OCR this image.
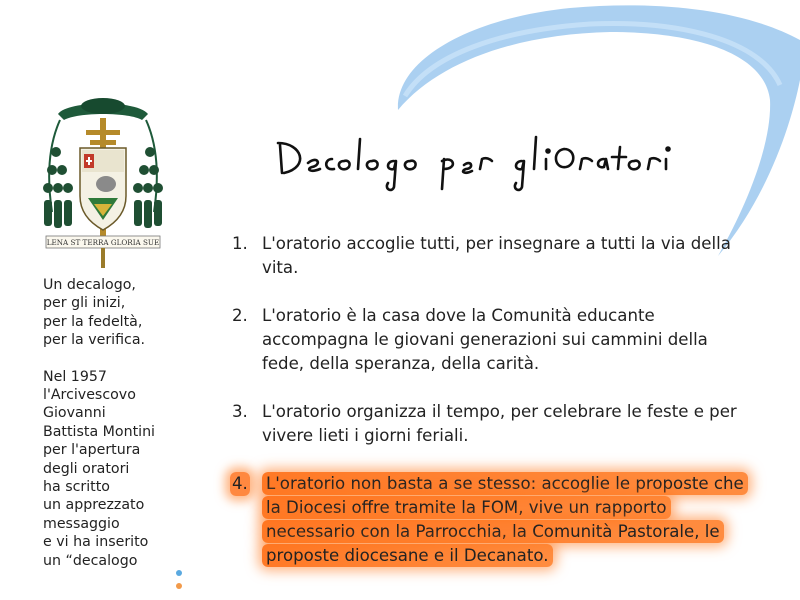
LENA ST TERRA GLORIA SUE
Un decalogo,
per gli inizi,
per la fedeltà,
per la verifica.
Nel 1957
l'Arcivescovo
Giovanni
Battista Montini
per l'apertura
degli oratori
ha scritto
un apprezzato
messaggio
e vi ha inserito
un “decalogo
1. L'oratorio accoglie tutti, per insegnare a tutti la via della vita.
2. L'oratorio è la casa dove la Comunità educante accompagna le giovani generazioni sui cammini della fede, della speranza, della carità.
3. L'oratorio organizza il tempo, per celebrare le feste e per vivere lieti i giorni feriali.
4. L'oratorio non basta a se stesso: accoglie le proposte che la Diocesi offre tramite la FOM, vive un rapporto necessario con la Parrocchia, la Comunità Pastorale, le proposte diocesane e il Decanato.
